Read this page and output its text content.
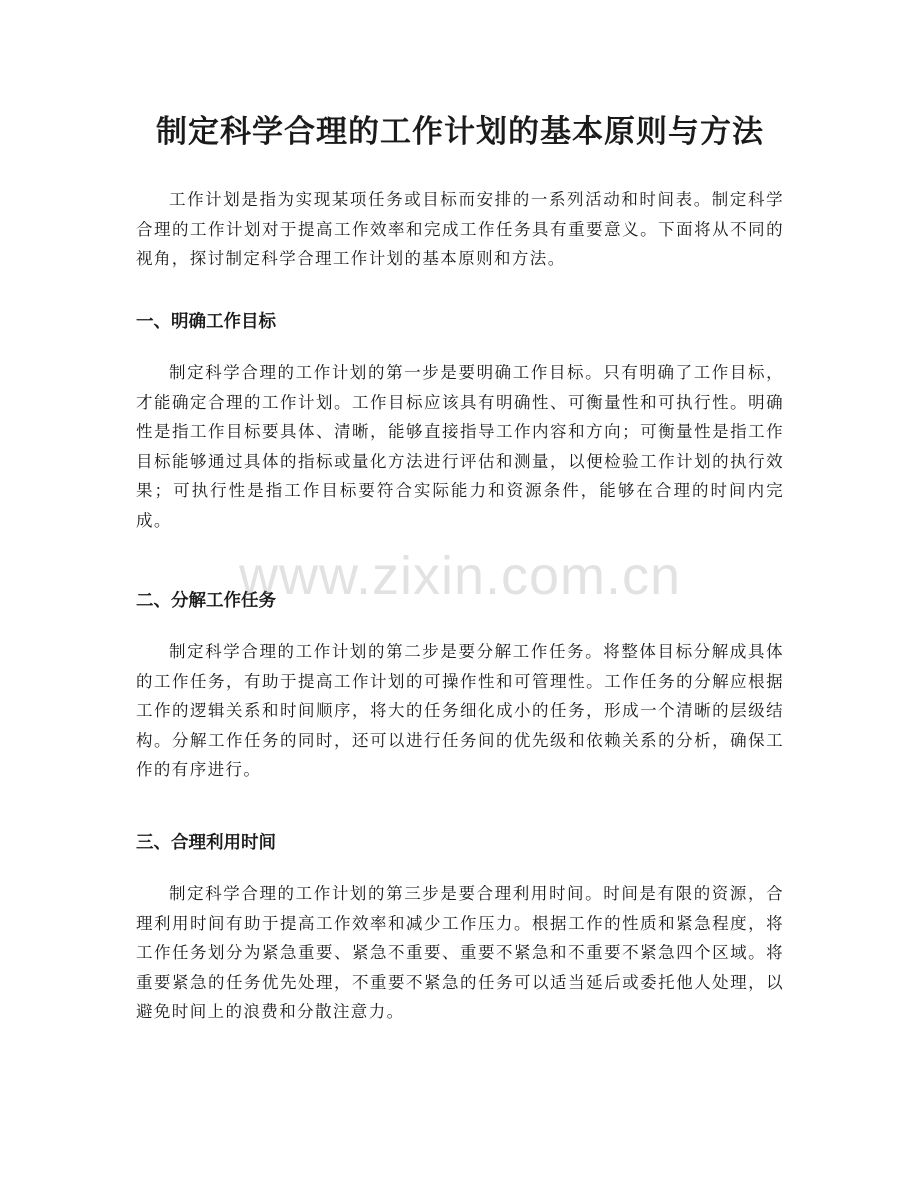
制定科学合理的工作计划的基本原则与方法

工作计划是指为实现某项任务或目标而安排的一系列活动和时间表。制定科学合理的工作计划对于提高工作效率和完成工作任务具有重要意义。下面将从不同的视角，探讨制定科学合理工作计划的基本原则和方法。

一、明确工作目标

制定科学合理的工作计划的第一步是要明确工作目标。只有明确了工作目标，才能确定合理的工作计划。工作目标应该具有明确性、可衡量性和可执行性。明确性是指工作目标要具体、清晰，能够直接指导工作内容和方向；可衡量性是指工作目标能够通过具体的指标或量化方法进行评估和测量，以便检验工作计划的执行效果；可执行性是指工作目标要符合实际能力和资源条件，能够在合理的时间内完成。

二、分解工作任务

制定科学合理的工作计划的第二步是要分解工作任务。将整体目标分解成具体的工作任务，有助于提高工作计划的可操作性和可管理性。工作任务的分解应根据工作的逻辑关系和时间顺序，将大的任务细化成小的任务，形成一个清晰的层级结构。分解工作任务的同时，还可以进行任务间的优先级和依赖关系的分析，确保工作的有序进行。

三、合理利用时间

制定科学合理的工作计划的第三步是要合理利用时间。时间是有限的资源，合理利用时间有助于提高工作效率和减少工作压力。根据工作的性质和紧急程度，将工作任务划分为紧急重要、紧急不重要、重要不紧急和不重要不紧急四个区域。将重要紧急的任务优先处理，不重要不紧急的任务可以适当延后或委托他人处理，以避免时间上的浪费和分散注意力。

www.zixin.com.cn
